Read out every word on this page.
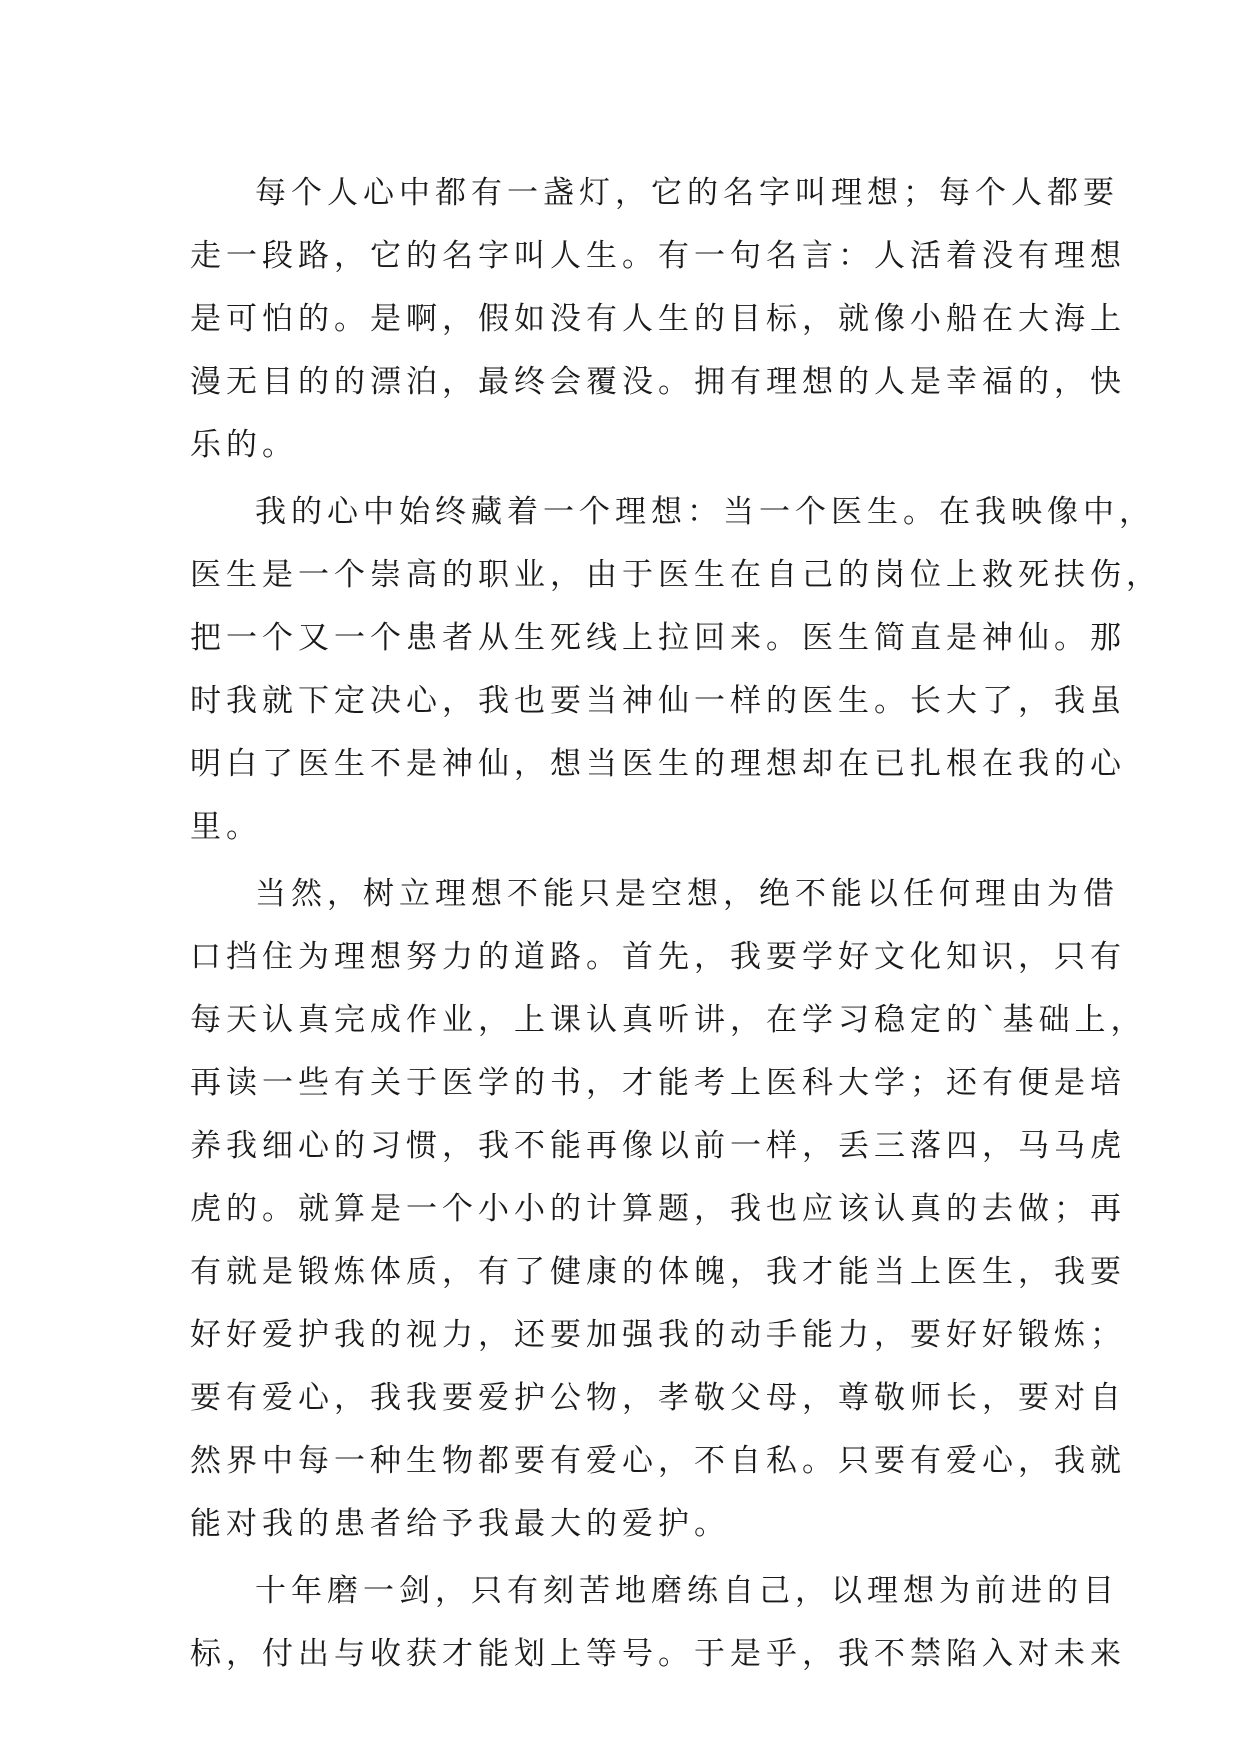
每个人心中都有一盏灯，它的名字叫理想；每个人都要
走一段路，它的名字叫人生。有一句名言：人活着没有理想
是可怕的。是啊，假如没有人生的目标，就像小船在大海上
漫无目的的漂泊，最终会覆没。拥有理想的人是幸福的，快
乐的。
我的心中始终藏着一个理想：当一个医生。在我映像中，
医生是一个崇高的职业，由于医生在自己的岗位上救死扶伤，
把一个又一个患者从生死线上拉回来。医生简直是神仙。那
时我就下定决心，我也要当神仙一样的医生。长大了，我虽
明白了医生不是神仙，想当医生的理想却在已扎根在我的心
里。
当然，树立理想不能只是空想，绝不能以任何理由为借
口挡住为理想努力的道路。首先，我要学好文化知识，只有
每天认真完成作业，上课认真听讲，在学习稳定的`基础上，
再读一些有关于医学的书，才能考上医科大学；还有便是培
养我细心的习惯，我不能再像以前一样，丢三落四，马马虎
虎的。就算是一个小小的计算题，我也应该认真的去做；再
有就是锻炼体质，有了健康的体魄，我才能当上医生，我要
好好爱护我的视力，还要加强我的动手能力，要好好锻炼；
要有爱心，我我要爱护公物，孝敬父母，尊敬师长，要对自
然界中每一种生物都要有爱心，不自私。只要有爱心，我就
能对我的患者给予我最大的爱护。
十年磨一剑，只有刻苦地磨练自己，以理想为前进的目
标，付出与收获才能划上等号。于是乎，我不禁陷入对未来
